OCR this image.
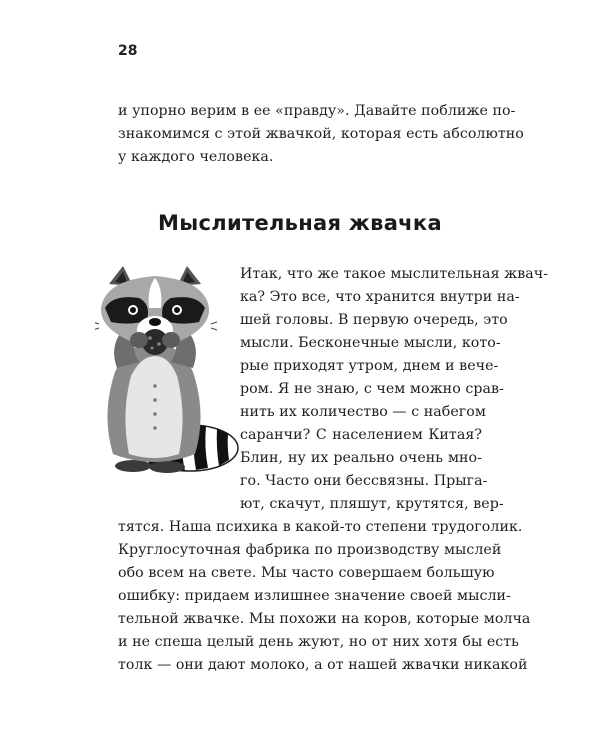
28
и упорно верим в ее «правду». Давайте поближе по-
знакомимся с этой жвачкой, которая есть абсолютно
у каждого человека.
Мыслительная жвачка
Итак, что же такое мыслительная жвач-
ка? Это все, что хранится внутри на-
шей головы. В первую очередь, это
мысли. Бесконечные мысли, кото-
рые приходят утром, днем и вече-
ром. Я не знаю, с чем можно срав-
нить их количество — с набегом
саранчи? С населением Китая?
Блин, ну их реально очень мно-
го. Часто они бессвязны. Прыга-
ют, скачут, пляшут, крутятся, вер-
тятся. Наша психика в какой-то степени трудоголик.
Круглосуточная фабрика по производству мыслей
обо всем на свете. Мы часто совершаем большую
ошибку: придаем излишнее значение своей мысли-
тельной жвачке. Мы похожи на коров, которые молча
и не спеша целый день жуют, но от них хотя бы есть
толк — они дают молоко, а от нашей жвачки никакой
